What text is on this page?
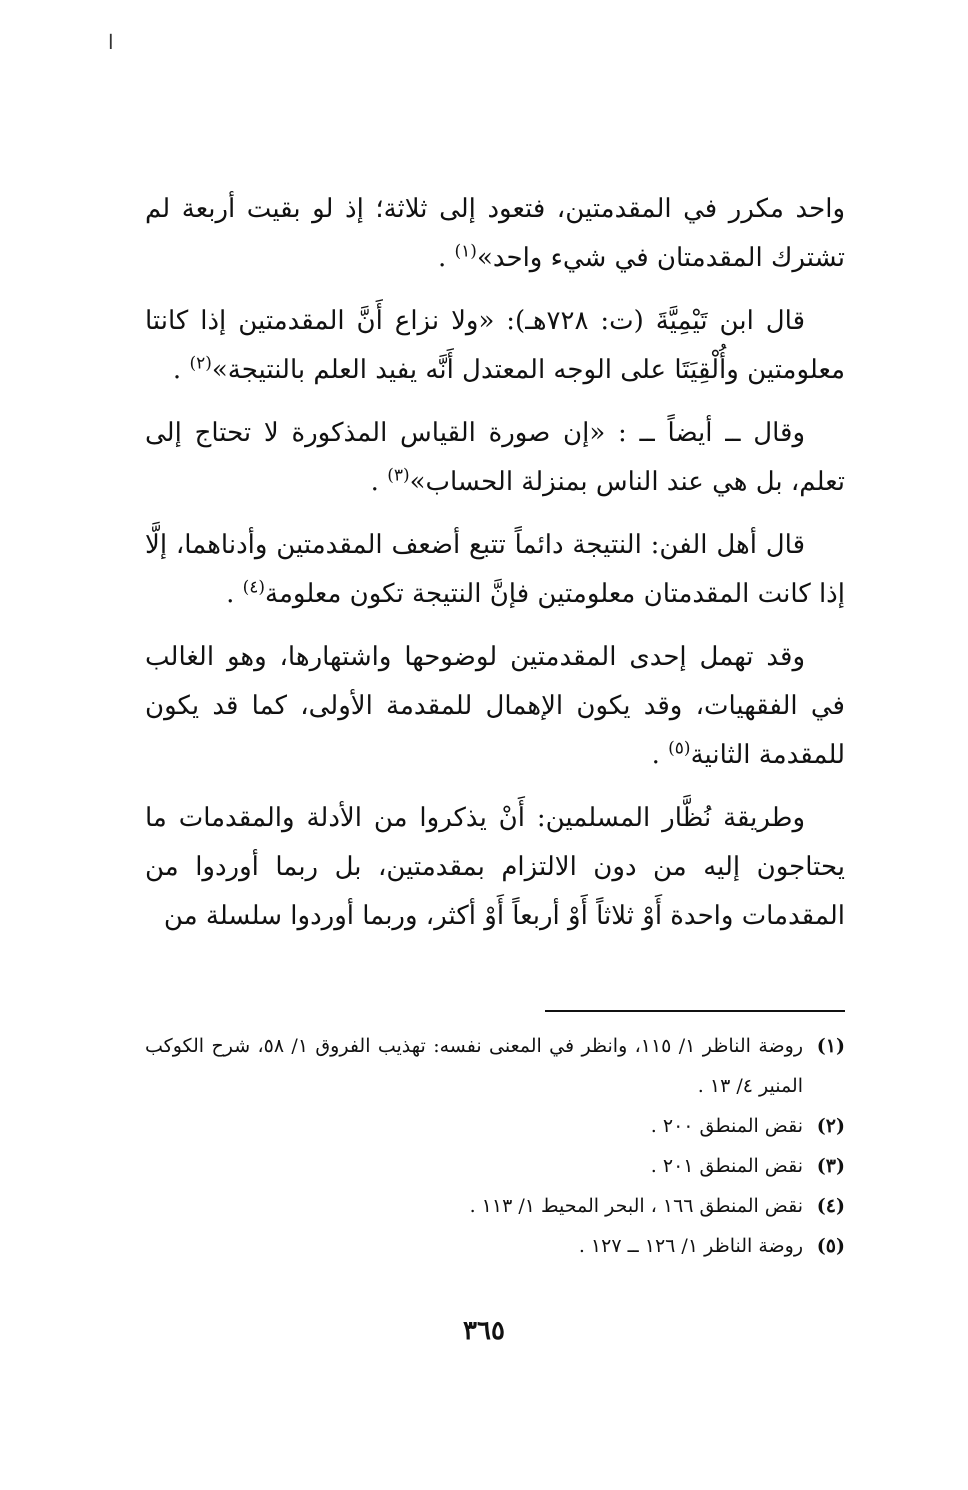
ا

واحد مكرر في المقدمتين، فتعود إلى ثلاثة؛ إذ لو بقيت أربعة لم تشترك المقدمتان في شيء واحد»$^{(١)}$ .

قال ابن تَيْمِيَّةَ (ت: ٧٢٨هـ): «ولا نزاع أَنَّ المقدمتين إذا كانتا معلومتين وأُلْقِيَتَا على الوجه المعتدل أَنَّه يفيد العلم بالنتيجة»$^{(٢)}$ .

وقال ــ أيضاً ــ : «إن صورة القياس المذكورة لا تحتاج إلى تعلم، بل هي عند الناس بمنزلة الحساب»$^{(٣)}$ .

قال أهل الفن: النتيجة دائماً تتبع أضعف المقدمتين وأدناهما، إلَّا إذا كانت المقدمتان معلومتين فإنَّ النتيجة تكون معلومة$^{(٤)}$ .

وقد تهمل إحدى المقدمتين لوضوحها واشتهارها، وهو الغالب في الفقهيات، وقد يكون الإهمال للمقدمة الأولى، كما قد يكون للمقدمة الثانية$^{(٥)}$ .

وطريقة نُظَّار المسلمين: أَنْ يذكروا من الأدلة والمقدمات ما يحتاجون إليه من دون الالتزام بمقدمتين، بل ربما أوردوا من المقدمات واحدة أَوْ ثلاثاً أَوْ أربعاً أَوْ أكثر، وربما أوردوا سلسلة من

(١)
روضة الناظر ١/ ١١٥، وانظر في المعنى نفسه: تهذيب الفروق ١/ ٥٨، شرح الكوكب المنير ٤/ ١٣ .
(٢)
نقض المنطق ٢٠٠ .
(٣)
نقض المنطق ٢٠١ .
(٤)
نقض المنطق ١٦٦ ، البحر المحيط ١/ ١١٣ .
(٥)
روضة الناظر ١/ ١٢٦ ــ ١٢٧ .
٣٦٥
